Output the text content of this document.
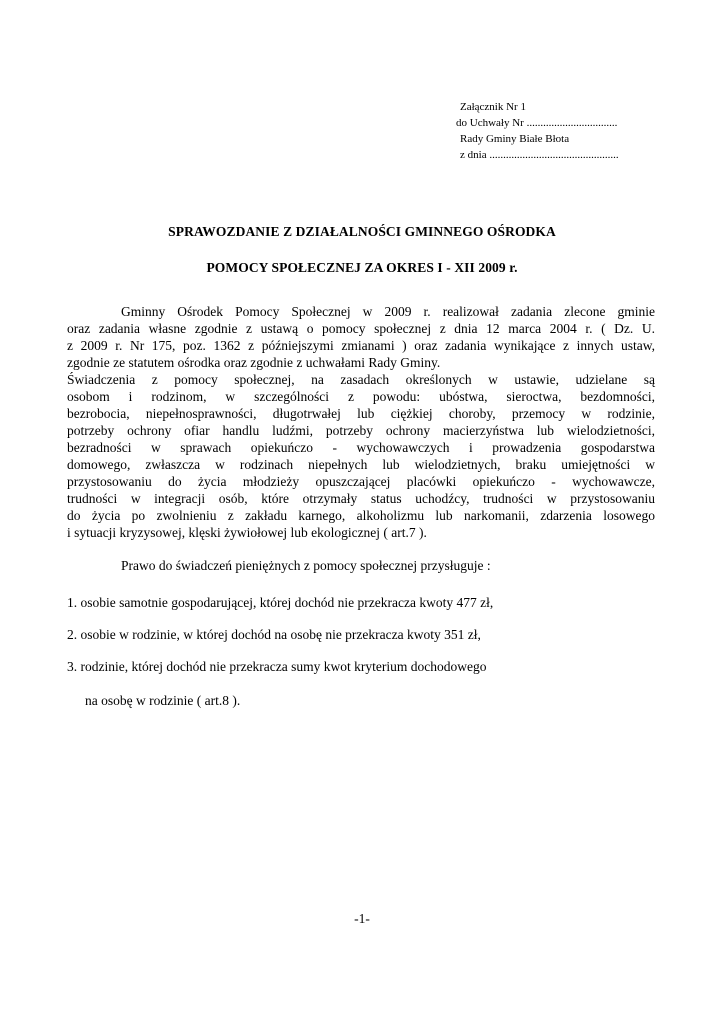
Załącznik Nr 1
do Uchwały Nr .................................
Rady Gminy Białe Błota
z dnia ...............................................
SPRAWOZDANIE Z DZIAŁALNOŚCI GMINNEGO OŚRODKA
POMOCY SPOŁECZNEJ ZA OKRES I - XII 2009 r.

Gminny Ośrodek Pomocy Społecznej w 2009 r. realizował zadania zlecone gminie

oraz zadania własne zgodnie z ustawą o pomocy społecznej z dnia 12 marca 2004 r. ( Dz. U.

z 2009 r. Nr 175, poz. 1362 z późniejszymi zmianami ) oraz zadania wynikające z innych ustaw,

zgodnie ze statutem ośrodka oraz zgodnie z uchwałami Rady Gminy.

Świadczenia z pomocy społecznej, na zasadach określonych w ustawie, udzielane są

osobom i rodzinom, w szczególności z powodu: ubóstwa, sieroctwa, bezdomności,

bezrobocia, niepełnosprawności, długotrwałej lub ciężkiej choroby, przemocy w rodzinie,

potrzeby ochrony ofiar handlu ludźmi, potrzeby ochrony macierzyństwa lub wielodzietności,

bezradności w sprawach opiekuńczo - wychowawczych i prowadzenia gospodarstwa

domowego, zwłaszcza w rodzinach niepełnych lub wielodzietnych, braku umiejętności w

przystosowaniu do życia młodzieży opuszczającej placówki opiekuńczo - wychowawcze,

trudności w integracji osób, które otrzymały status uchodźcy, trudności w przystosowaniu

do życia po zwolnieniu z zakładu karnego, alkoholizmu lub narkomanii, zdarzenia losowego

i sytuacji kryzysowej, klęski żywiołowej lub ekologicznej ( art.7 ).

Prawo do świadczeń pieniężnych z pomocy społecznej przysługuje :
1. osobie samotnie gospodarującej, której dochód nie przekracza kwoty 477 zł,
2. osobie w rodzinie, w której dochód na osobę nie przekracza kwoty 351 zł,
3. rodzinie, której dochód nie przekracza sumy kwot kryterium dochodowego
na osobę w rodzinie ( art.8 ).
-1-
